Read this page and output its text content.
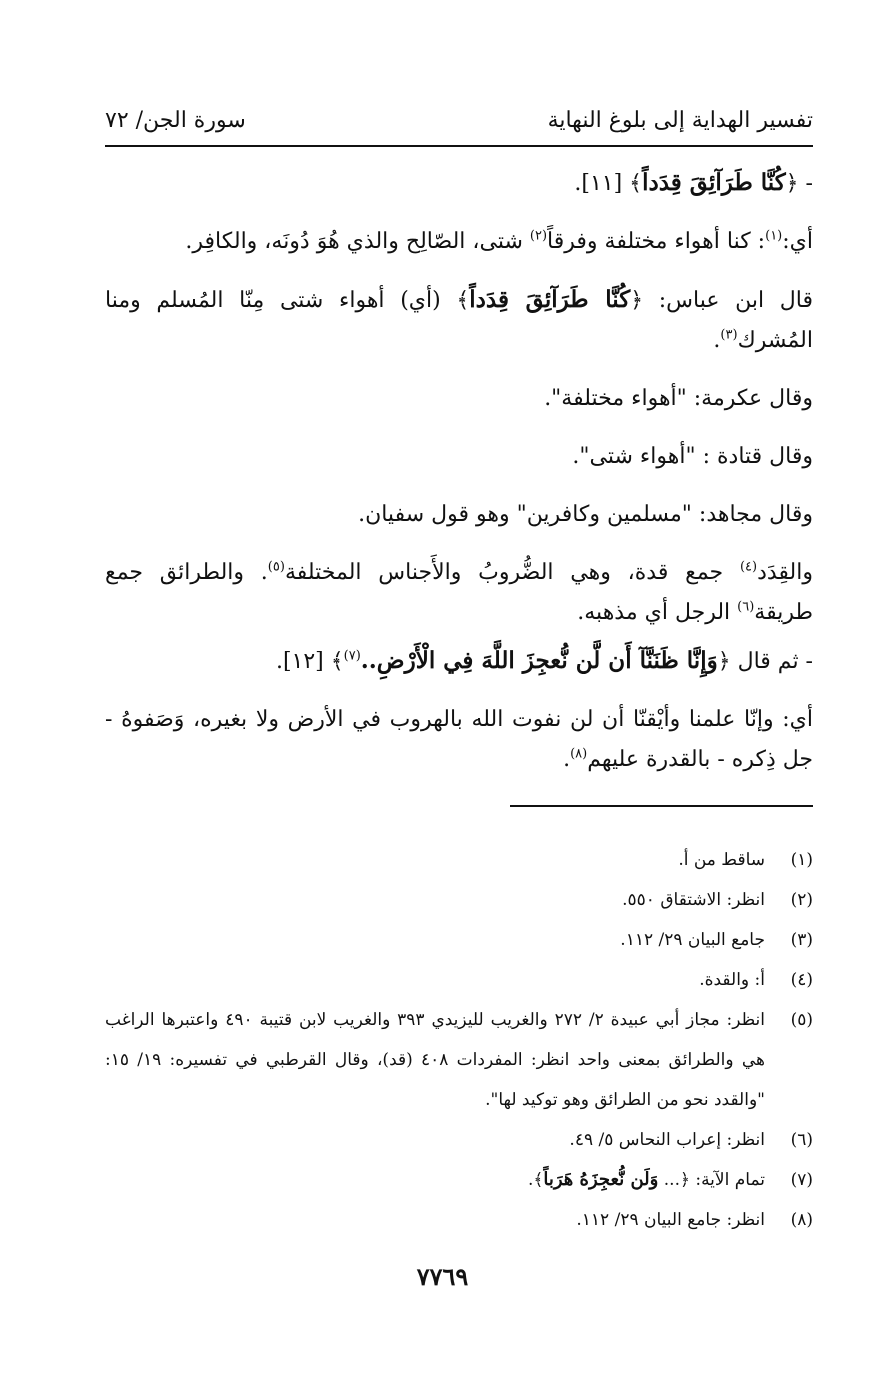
تفسير الهداية إلى بلوغ النهاية
سورة الجن/ ٧٢

- ﴿كُنَّا طَرَآئِقَ قِدَداً﴾ [١١].

أي:$^{(١)}$: كنا أهواء مختلفة وفرقاً$^{(٢)}$ شتى، الصّالِح والذي هُوَ دُونَه، والكافِر.

قال ابن عباس: ﴿كُنَّا طَرَآئِقَ قِدَداً﴾ (أي) أهواء شتى مِنّا المُسلم ومنا المُشرك$^{(٣)}$.

وقال عكرمة: "أهواء مختلفة".

وقال قتادة : "أهواء شتى".

وقال مجاهد: "مسلمين وكافرين" وهو قول سفيان.

والقِدَد$^{(٤)}$ جمع قدة، وهي الضُّروبُ والأَجناس المختلفة$^{(٥)}$. والطرائق جمع طريقة$^{(٦)}$ الرجل أي مذهبه.

- ثم قال ﴿وَإِنَّا ظَنَنَّآ أَن لَّن نُّعجِزَ اللَّهَ فِي الْأَرْضِ..$^{(٧)}$﴾ [١٢].

أي: وإنّا علمنا وأيْقنّا أن لن نفوت الله بالهروب في الأرض ولا بغيره، وَصَفوهُ - جل ذِكره - بالقدرة عليهم$^{(٨)}$.

(١)
ساقط من أ.
(٢)
انظر: الاشتقاق ٥٥٠.
(٣)
جامع البيان ٢٩/ ١١٢.
(٤)
أ: والقدة.
(٥)
انظر: مجاز أبي عبيدة ٢/ ٢٧٢ والغريب لليزيدي ٣٩٣ والغريب لابن قتيبة ٤٩٠ واعتبرها الراغب هي والطرائق بمعنى واحد انظر: المفردات ٤٠٨ (قد)، وقال القرطبي في تفسيره: ١٩/ ١٥: "والقدد نحو من الطرائق وهو توكيد لها".
(٦)
انظر: إعراب النحاس ٥/ ٤٩.
(٧)
تمام الآية: ﴿... وَلَن نُّعجِزَهُ هَرَباً﴾.
(٨)
انظر: جامع البيان ٢٩/ ١١٢.
٧٧٦٩
